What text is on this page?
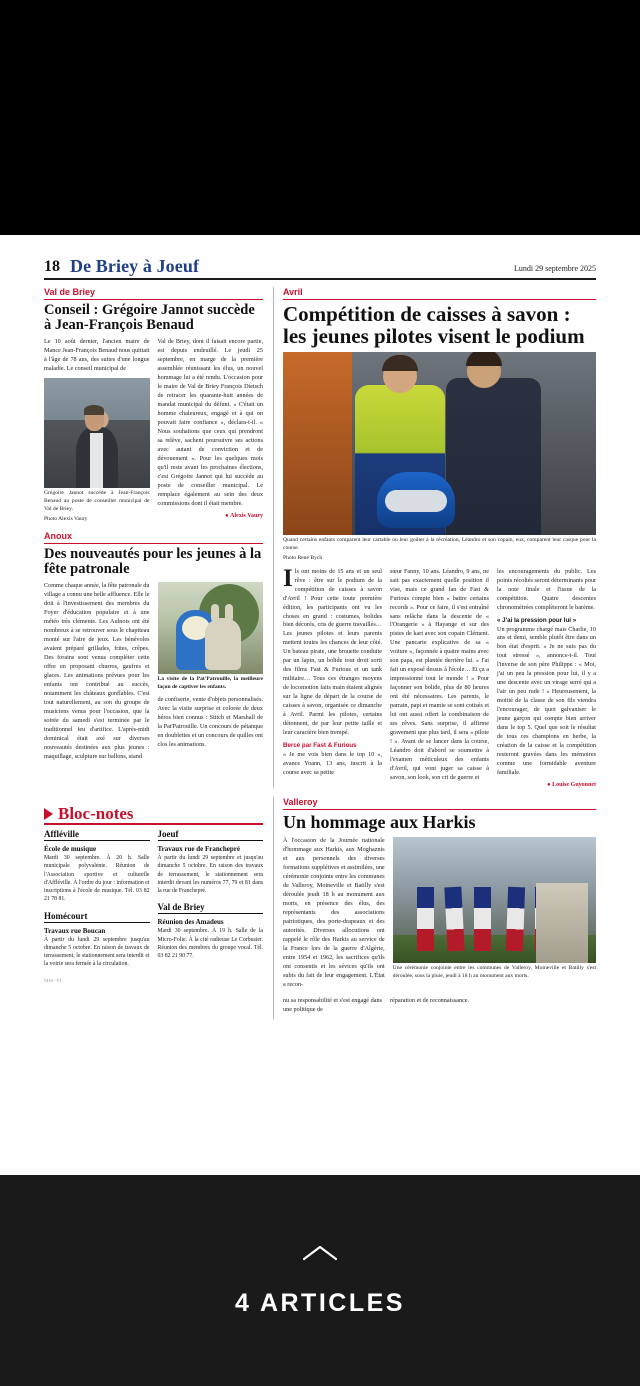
18 De Briey à Joeuf	Lundi 29 septembre 2025
Val de Briey
Conseil : Grégoire Jannot succède à Jean-François Benaud

Le 10 août dernier, l'ancien maire de Mance Jean-François Benaud nous quittait à l'âge de 78 ans, des suites d'une longue maladie. Le conseil municipal de

Grégoire Jannot succède à Jean-François Benaud au poste de conseiller municipal de Val de Briey.
Photo Alexis Vaury

Val de Briey, dont il faisait encore partie, est depuis endeuillé. Le jeudi 25 septembre, en marge de la première assemblée réunissant les élus, un nouvel hommage lui a été rendu. L'occasion pour le maire de Val de Briey François Dietsch de retracer les quarante-huit années de mandat municipal du défunt. « C'était un homme chaleureux, engagé et à qui on pouvait faire confiance », déclara-t-il. « Nous souhaitons que ceux qui prendront sa relève, sachent poursuivre ses actions avec autant de conviction et de dévouement ». Pour les quelques mois qu'il reste avant les prochaines élections, c'est Grégoire Jannot qui lui succède au poste de conseiller municipal. Le remplace également au sein des deux commissions dont il était membre.

● Alexis Vaury
Anoux
Des nouveautés pour les jeunes à la fête patronale

Comme chaque année, la fête patronale du village a connu une belle affluence. Elle le doit à l'investissement des membres du Foyer d'éducation populaire et à une météo très clémente. Les Aulnois ont été nombreux à se retrouver sous le chapiteau monté sur l'aire de jeux. Les bénévoles avaient préparé grillades, frites, crêpes. Des forains sont venus compléter cette offre en proposant churros, gaufres et glaces. Les animations prévues pour les enfants ont contribué au succès, notamment les châteaux gonflables. C'est tout naturellement, au son du groupe de musiciens venus pour l'occasion, que la soirée du samedi s'est terminée par le traditionnel feu d'artifice. L'après-midi dominical était axé sur diverses nouveautés destinées aux plus jeunes : maquillage, sculpture sur ballons, stand

La visite de la Pat'Patrouille, la meilleure façon de captiver les enfants.

de confiserie, vente d'objets personnalisés. Avec la visite surprise et colorée de deux héros bien connus : Stitch et Marshall de la Pat'Patrouille. Un concours de pétanque en doublettes et un concours de quilles ont clos les animations.

Avril
Compétition de caisses à savon : les jeunes pilotes visent le podium
Quand certains enfants comparent leur cartable ou leur goûter à la récréation, Léandro et son copain, eux, comparent leur casque pour la course.
Photo René Bych

Ils ont moins de 15 ans et un seul rêve : être sur le podium de la compétition de caisses à savon d'Avril ! Pour cette toute première édition, les participants ont vu les choses en grand : costumes, bolides bien décorés, cris de guerre travaillés… Les jeunes pilotes et leurs parents mettent toutes les chances de leur côté. Un bateau pirate, une brouette conduite par un lapin, un bolide tout droit sorti des films Fast & Furious et un tank militaire… Tous ces étranges moyens de locomotion faits main étaient alignés sur la ligne de départ de la course de caisses à savon, organisée ce dimanche à Avril. Parmi les pilotes, certains détonnent, de par leur petite taille et leur caractère bien trempé.

Bercé par Fast & Furious

« Je me vois bien dans le top 10 », avance Yoann, 13 ans, inscrit à la course avec sa petite

sœur Fanny, 10 ans. Léandro, 9 ans, ne sait pas exactement quelle position il vise, mais ce grand fan de Fast & Furious compte bien « battre certains records ». Pour ce faire, il s'est entraîné sans relâche dans la descente de « l'Orangerie » à Hayange et sur des pistes de kart avec son copain Clément. Une pancarte explicative de sa « voiture », façonnée à quatre mains avec son papa, est plantée derrière lui. « J'ai fait un exposé dessus à l'école… Et ça a impressionné tout le monde ! » Pour façonner son bolide, plus de 80 heures ont été nécessaires. Les parents, le parrain, papi et mamie se sont cotisés et lui ont aussi offert la combinaison de ses rêves. Sans surprise, il affirme gravement que plus tard, il sera « pilote ! ». Avant de se lancer dans la course, Léandro doit d'abord se soumettre à l'examen méticuleux des enfants d'Avril, qui vont juger sa caisse à savon, son look, son cri de guerre et

les encouragements du public. Les points récoltés seront déterminants pour la note finale et l'issue de la compétition. Quatre descentes chronométrées complèteront le barème.

« J'ai la pression pour lui »

Un programme chargé mais Charlie, 10 ans et demi, semble plutôt être dans un bon état d'esprit. « Je ne suis pas du tout stressé », annonce-t-il. Tout l'inverse de son père Philippe : « Moi, j'ai un peu la pression pour lui, il y a une descente avec un virage serré qui a l'air un peu rude ! » Heureusement, la moitié de la classe de son fils viendra l'encourager, de quoi galvaniser le jeune garçon qui compte bien arriver dans le top 5. Quel que soit le résultat de tous ces champions en herbe, la création de la caisse et la compétition resteront gravées dans les mémoires comme une formidable aventure familiale.

● Louise Guyonnet
Bloc-notes
Affléville
École de musique

Mardi 30 septembre. À 20 h. Salle municipale polyvalente. Réunion de l'Association sportive et culturelle d'Affléville. À l'ordre du jour : information et inscriptions à l'école de musique. Tél. 03 82 21 78 81.

Homécourt
Travaux rue Boucan

À partir du lundi 29 septembre jusqu'au dimanche 5 octobre. En raison de travaux de terrassement, le stationnement sera interdit et la voirie sera fermée à la circulation.

5410 - V1
Joeuf
Travaux rue de Franchepré

À partir du lundi 29 septembre et jusqu'au dimanche 5 octobre. En raison des travaux de terrassement, le stationnement sera interdit devant les numéros 77, 79 et 81 dans la rue de Franchepré.

Val de Briey
Réunion des Amadeus

Mardi 30 septembre. À 19 h. Salle de la Micro-Folie. À la cité radieuse Le Corbusier. Réunion des membres du groupe vocal. Tél. 03 82 21 90 77.

Valleroy
Un hommage aux Harkis

À l'occasion de la Journée nationale d'hommage aux Harkis, aux Moghaznis et aux personnels des diverses formations supplétives et assimilées, une cérémonie conjointe entre les communes de Valleroy, Moineville et Batilly s'est déroulée jeudi 18 h au monument aux morts, en présence des élus, des représentants des associations patriotiques, des porte-drapeaux et des autorités. Diverses allocutions ont rappelé le rôle des Harkis au service de la France lors de la guerre d'Algérie, entre 1954 et 1962, les sacrifices qu'ils ont consentis et les sévices qu'ils ont subis du fait de leur engagement. L'État a recon-

Une cérémonie conjointe entre les communes de Valleroy, Moineville et Batilly s'est déroulée, sous la pluie, jeudi à 18 h au monument aux morts.

nu sa responsabilité et s'est engagé dans une politique de

réparation et de reconnaissance.

4 ARTICLES
